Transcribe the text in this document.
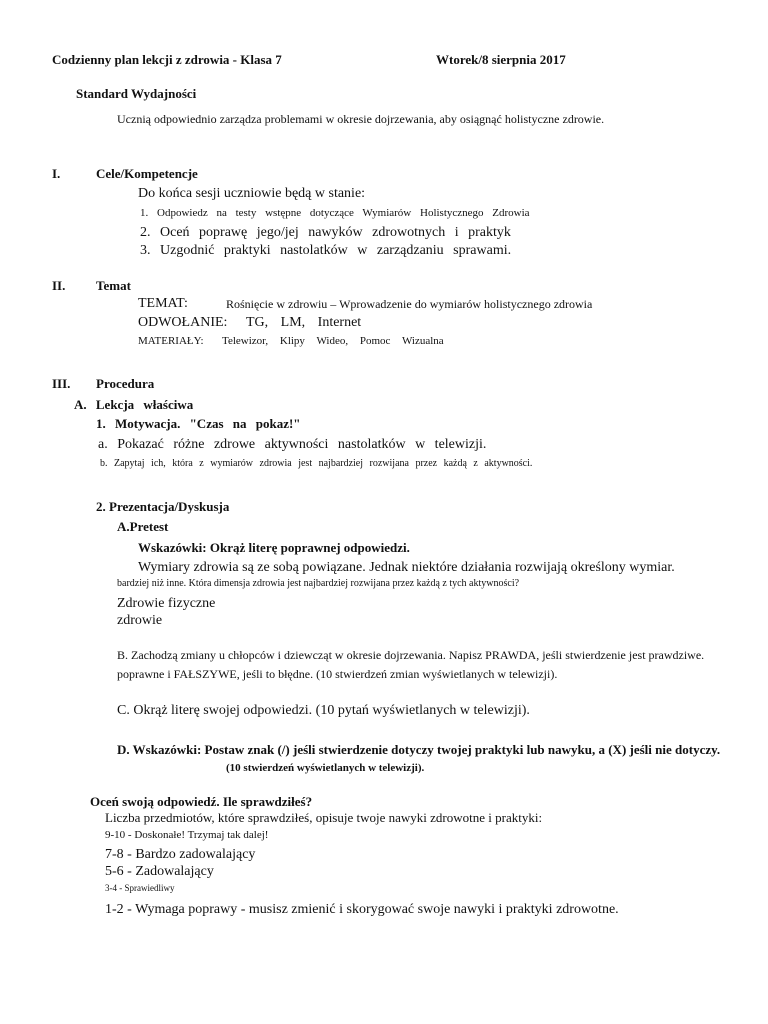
Codzienny plan lekcji z zdrowia - Klasa 7	Wtorek/8 sierpnia 2017
Standard Wydajności
Ucznią odpowiednio zarządza problemami w okresie dojrzewania, aby osiągnąć holistyczne zdrowie.
I.	Cele/Kompetencje
Do końca sesji uczniowie będą w stanie:
1. Odpowiedz na testy wstępne dotyczące Wymiarów Holistycznego Zdrowia
2. Oceń poprawę jego/jej nawyków zdrowotnych i praktyk
3. Uzgodnić praktyki nastolatków w zarządzaniu sprawami.
II. Temat
TEMAT:	Rośnięcie w zdrowiu – Wprowadzenie do wymiarów holistycznego zdrowia
ODWOŁANIE: TG, LM, Internet
MATERIAŁY: Telewizor, Klipy Wideo, Pomoc Wizualna
III. Procedura
A. Lekcja właściwa
1. Motywacja. "Czas na pokaz!"
a. Pokazać różne zdrowe aktywności nastolatków w telewizji.
b. Zapytaj ich, która z wymiarów zdrowia jest najbardziej rozwijana przez każdą z aktywności.
2. Prezentacja/Dyskusja
A.Pretest
Wskazówki: Okrąż literę poprawnej odpowiedzi.
Wymiary zdrowia są ze sobą powiązane. Jednak niektóre działania rozwijają określony wymiar.
bardziej niż inne. Która dimensja zdrowia jest najbardziej rozwijana przez każdą z tych aktywności?
Zdrowie fizyczne
zdrowie
B. Zachodzą zmiany u chłopców i dziewcząt w okresie dojrzewania. Napisz PRAWDA, jeśli stwierdzenie jest prawdziwe.
poprawne i FAŁSZYWE, jeśli to błędne. (10 stwierdzeń zmian wyświetlanych w telewizji).
C. Okrąż literę swojej odpowiedzi. (10 pytań wyświetlanych w telewizji).
D. Wskazówki: Postaw znak (/) jeśli stwierdzenie dotyczy twojej praktyki lub nawyku, a (X) jeśli nie dotyczy.
(10 stwierdzeń wyświetlanych w telewizji).
Oceń swoją odpowiedź. Ile sprawdziłeś?
Liczba przedmiotów, które sprawdziłeś, opisuje twoje nawyki zdrowotne i praktyki:
9-10 - Doskonałe! Trzymaj tak dalej!
7-8 - Bardzo zadowalający
5-6 - Zadowalający
3-4 - Sprawiedliwy
1-2 - Wymaga poprawy - musisz zmienić i skorygować swoje nawyki i praktyki zdrowotne.
